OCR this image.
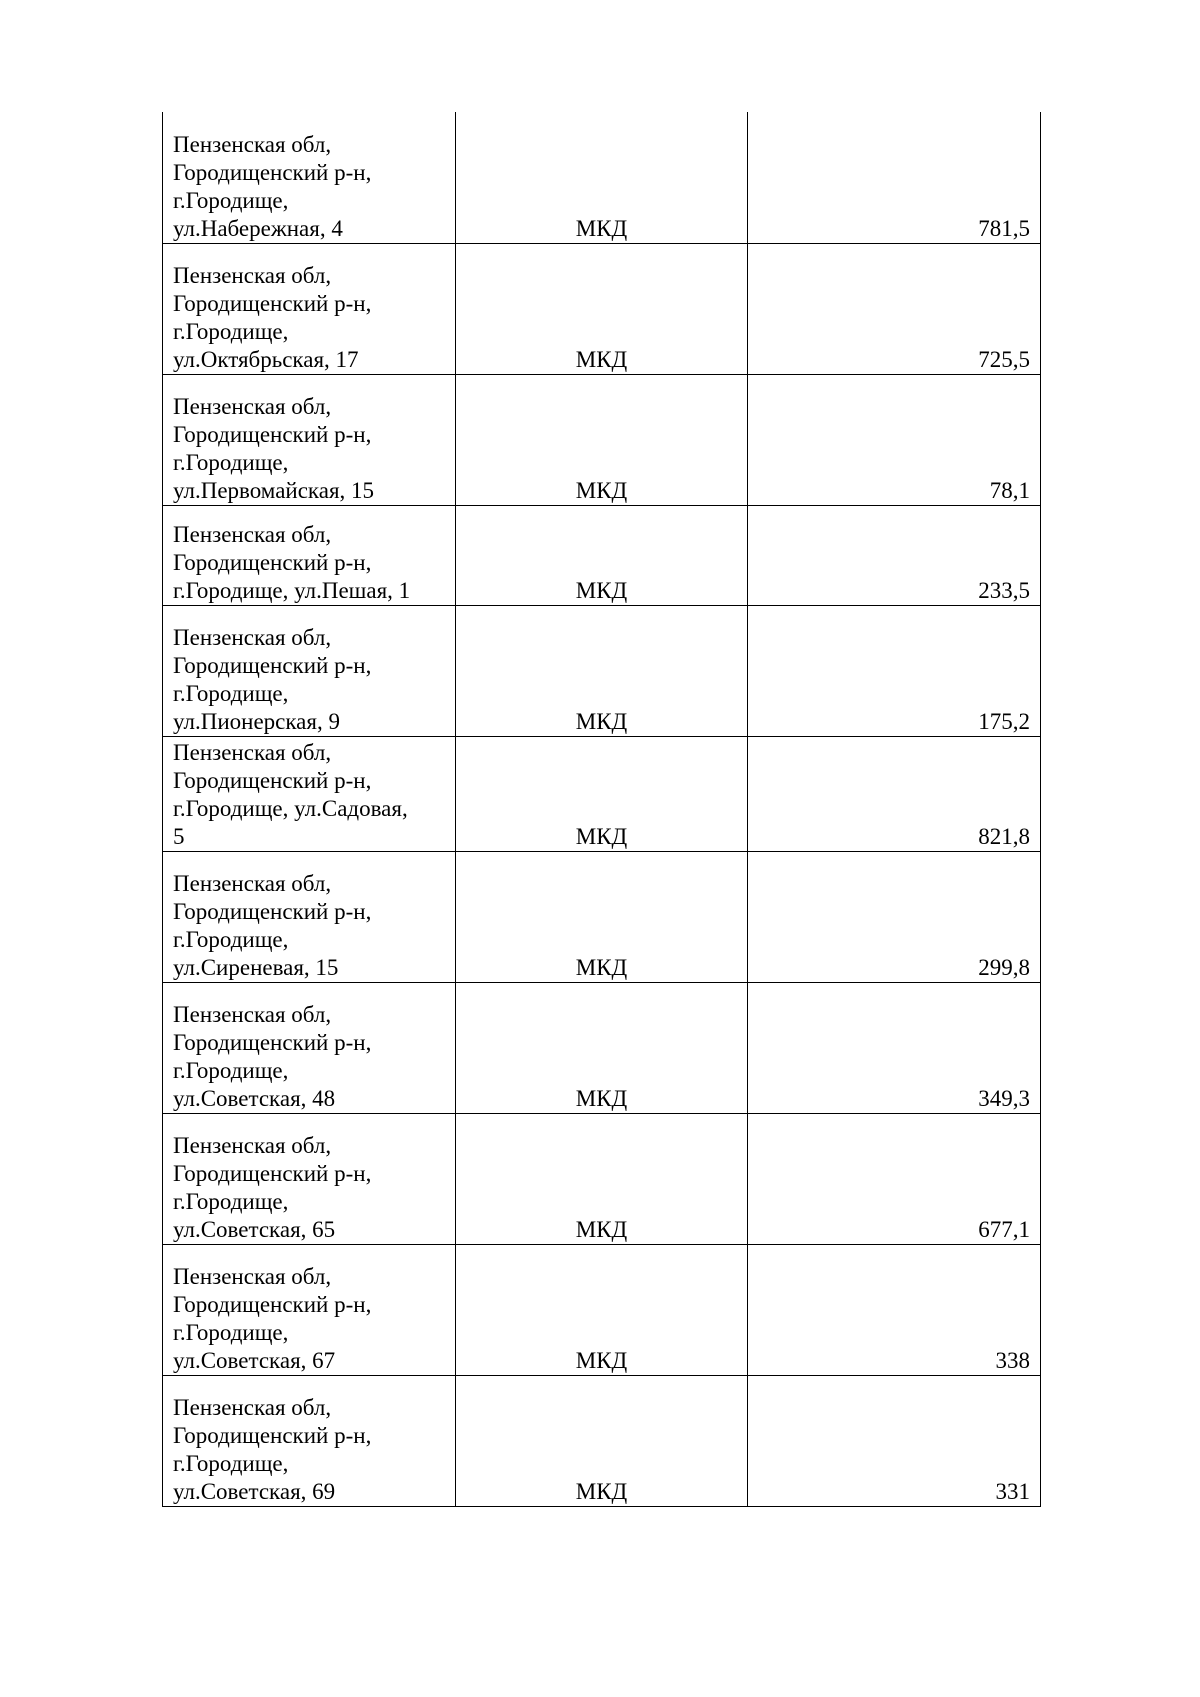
Пензенская обл,
Городищенский р-н,
г.Городище,
ул.Набережная, 4	МКД	781,5

Пензенская обл,
Городищенский р-н,
г.Городище,
ул.Октябрьская, 17	МКД	725,5

Пензенская обл,
Городищенский р-н,
г.Городище,
ул.Первомайская, 15	МКД	78,1

Пензенская обл,
Городищенский р-н,
г.Городище, ул.Пешая, 1	МКД	233,5

Пензенская обл,
Городищенский р-н,
г.Городище,
ул.Пионерская, 9	МКД	175,2

Пензенская обл,
Городищенский р-н,
г.Городище, ул.Садовая,
5	МКД	821,8

Пензенская обл,
Городищенский р-н,
г.Городище,
ул.Сиреневая, 15	МКД	299,8

Пензенская обл,
Городищенский р-н,
г.Городище,
ул.Советская, 48	МКД	349,3

Пензенская обл,
Городищенский р-н,
г.Городище,
ул.Советская, 65	МКД	677,1

Пензенская обл,
Городищенский р-н,
г.Городище,
ул.Советская, 67	МКД	338

Пензенская обл,
Городищенский р-н,
г.Городище,
ул.Советская, 69	МКД	331
